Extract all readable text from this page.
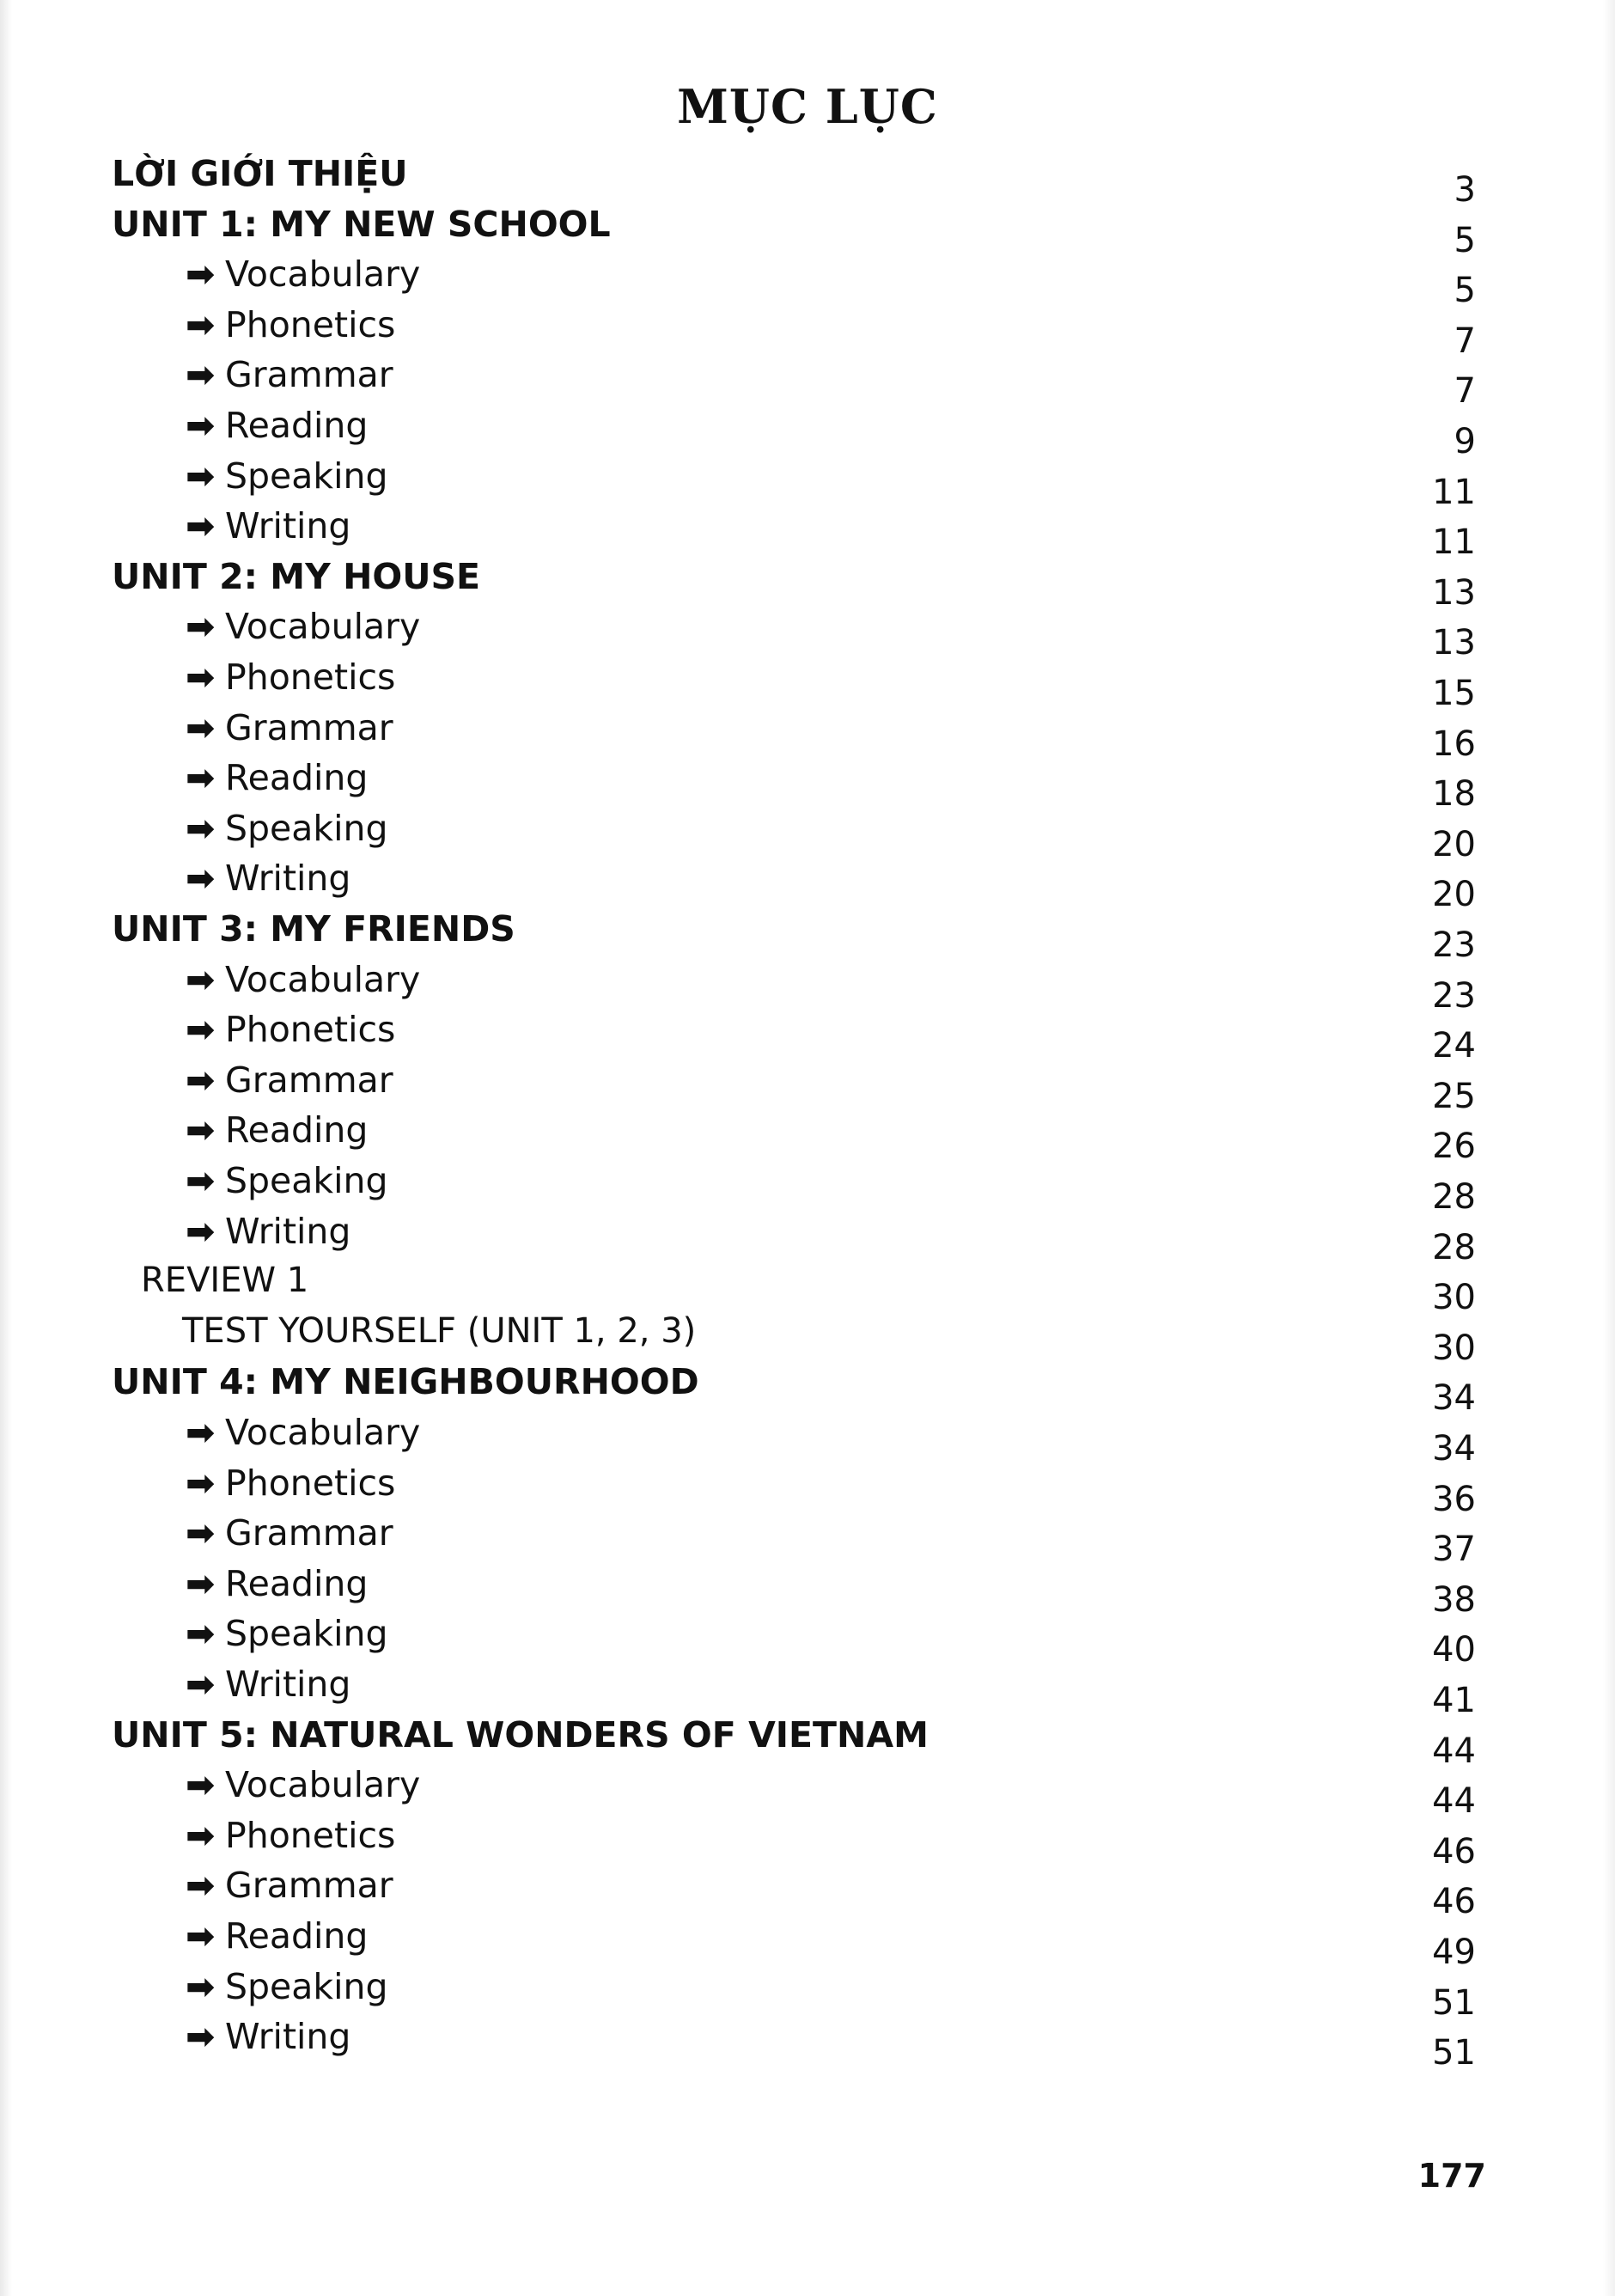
MỤC LỤC
LỜI GIỚI THIỆU	3
UNIT 1: MY NEW SCHOOL	5
➡ Vocabulary	5
➡ Phonetics	7
➡ Grammar	7
➡ Reading	9
➡ Speaking	11
➡ Writing	11
UNIT 2: MY HOUSE	13
➡ Vocabulary	13
➡ Phonetics	15
➡ Grammar	16
➡ Reading	18
➡ Speaking	20
➡ Writing	20
UNIT 3: MY FRIENDS	23
➡ Vocabulary	23
➡ Phonetics	24
➡ Grammar	25
➡ Reading	26
➡ Speaking	28
➡ Writing	28
REVIEW 1	30
TEST YOURSELF (UNIT 1, 2, 3)	30
UNIT 4: MY NEIGHBOURHOOD	34
➡ Vocabulary	34
➡ Phonetics	36
➡ Grammar	37
➡ Reading	38
➡ Speaking	40
➡ Writing	41
UNIT 5: NATURAL WONDERS OF VIETNAM	44
➡ Vocabulary	44
➡ Phonetics	46
➡ Grammar	46
➡ Reading	49
➡ Speaking	51
➡ Writing	51
177
